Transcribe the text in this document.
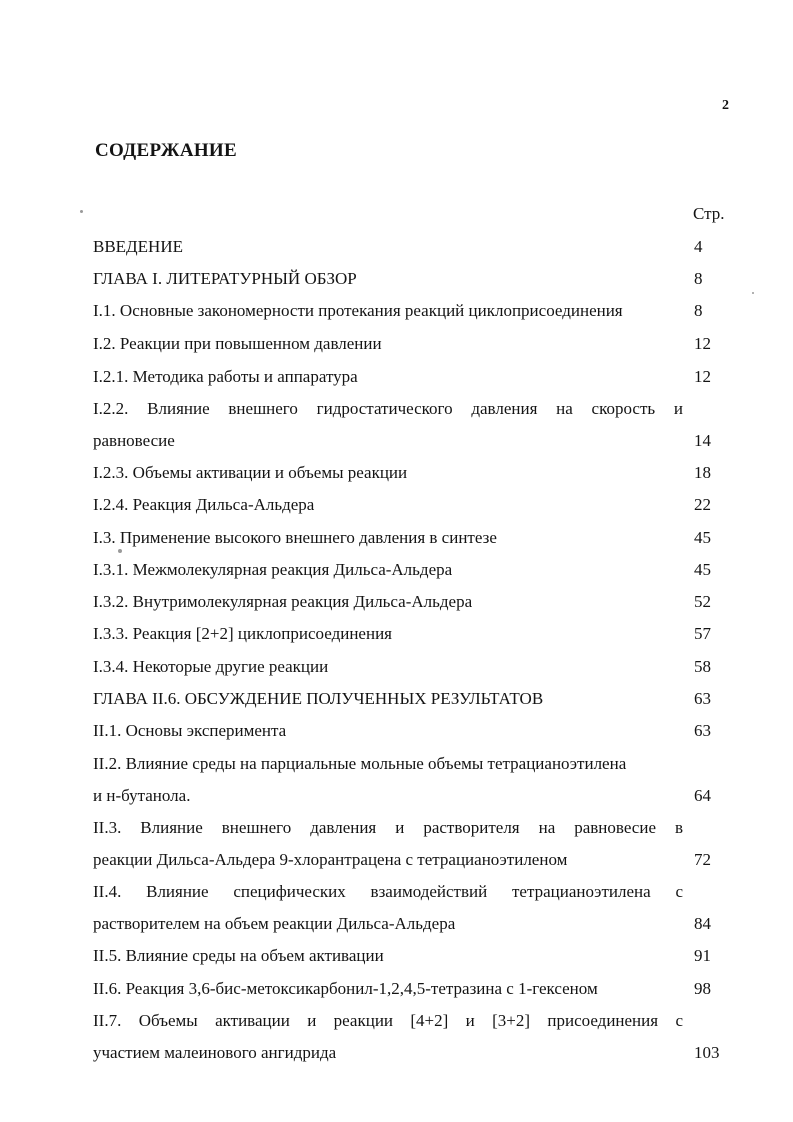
2
СОДЕРЖАНИЕ
Стр.
ВВЕДЕНИЕ	4
ГЛАВА I. ЛИТЕРАТУРНЫЙ ОБЗОР	8
I.1. Основные закономерности протекания реакций циклоприсоединения	8
I.2. Реакции при повышенном давлении	12
I.2.1. Методика работы и аппаратура	12
I.2.2. Влияние внешнего гидростатического давления на скорость и
равновесие	14
I.2.3. Объемы активации и объемы реакции	18
I.2.4. Реакция Дильса-Альдера	22
I.3. Применение высокого внешнего давления в синтезе	45
I.3.1. Межмолекулярная реакция Дильса-Альдера	45
I.3.2. Внутримолекулярная реакция Дильса-Альдера	52
I.3.3. Реакция [2+2] циклоприсоединения	57
I.3.4. Некоторые другие реакции	58
ГЛАВА II.6. ОБСУЖДЕНИЕ ПОЛУЧЕННЫХ РЕЗУЛЬТАТОВ	63
II.1. Основы эксперимента	63
II.2. Влияние среды на парциальные мольные объемы тетрацианоэтилена
и н-бутанола.	64
II.3. Влияние внешнего давления и растворителя на равновесие в
реакции Дильса-Альдера 9-хлорантрацена с тетрацианоэтиленом	72
II.4. Влияние специфических взаимодействий тетрацианоэтилена с
растворителем на объем реакции Дильса-Альдера	84
II.5. Влияние среды на объем активации	91
II.6. Реакция 3,6-бис-метоксикарбонил-1,2,4,5-тетразина с 1-гексеном	98
II.7. Объемы активации и реакции [4+2] и [3+2] присоединения с
участием малеинового ангидрида	103
